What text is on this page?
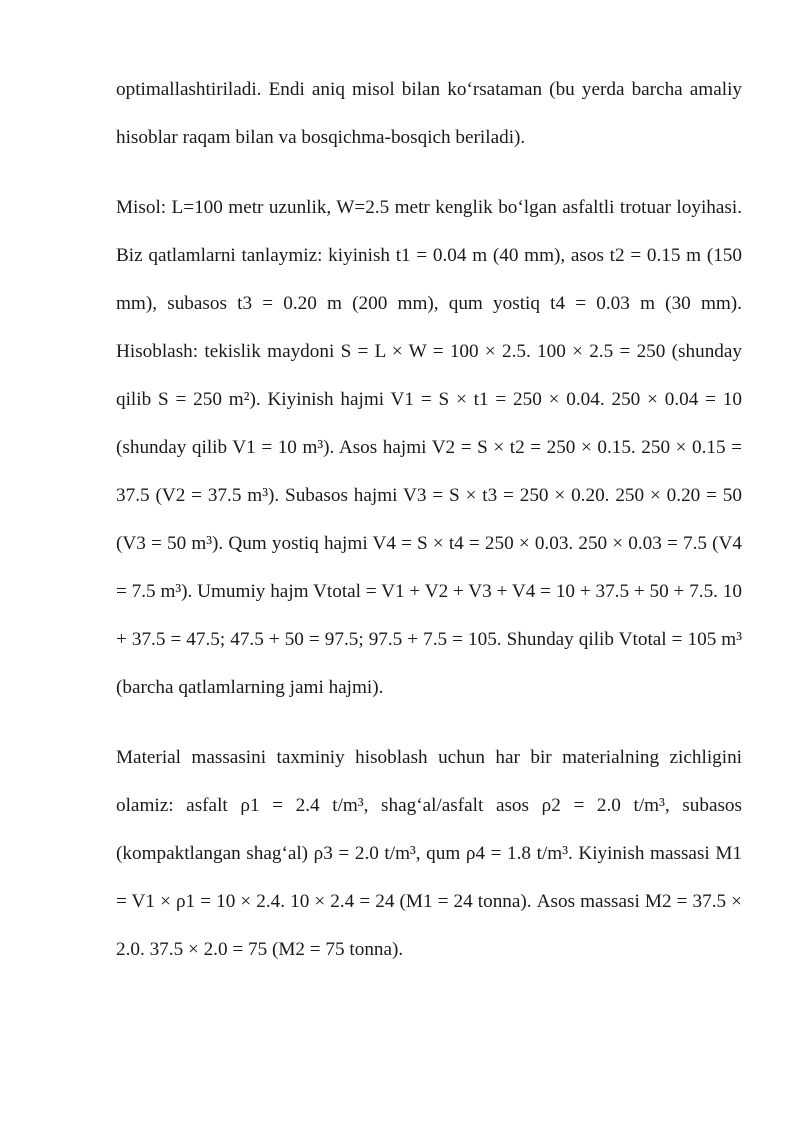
optimallashtiriladi. Endi aniq misol bilan ko‘rsataman (bu yerda barcha amaliy hisoblar raqam bilan va bosqichma-bosqich beriladi).

Misol: L=100 metr uzunlik, W=2.5 metr kenglik bo‘lgan asfaltli trotuar loyihasi. Biz qatlamlarni tanlaymiz: kiyinish t1 = 0.04 m (40 mm), asos t2 = 0.15 m (150 mm), subasos t3 = 0.20 m (200 mm), qum yostiq t4 = 0.03 m (30 mm). Hisoblash: tekislik maydoni S = L × W = 100 × 2.5. 100 × 2.5 = 250 (shunday qilib S = 250 m²). Kiyinish hajmi V1 = S × t1 = 250 × 0.04. 250 × 0.04 = 10 (shunday qilib V1 = 10 m³). Asos hajmi V2 = S × t2 = 250 × 0.15. 250 × 0.15 = 37.5 (V2 = 37.5 m³). Subasos hajmi V3 = S × t3 = 250 × 0.20. 250 × 0.20 = 50 (V3 = 50 m³). Qum yostiq hajmi V4 = S × t4 = 250 × 0.03. 250 × 0.03 = 7.5 (V4 = 7.5 m³). Umumiy hajm Vtotal = V1 + V2 + V3 + V4 = 10 + 37.5 + 50 + 7.5. 10 + 37.5 = 47.5; 47.5 + 50 = 97.5; 97.5 + 7.5 = 105. Shunday qilib Vtotal = 105 m³ (barcha qatlamlarning jami hajmi).

Material massasini taxminiy hisoblash uchun har bir materialning zichligini olamiz: asfalt ρ1 = 2.4 t/m³, shag‘al/asfalt asos ρ2 = 2.0 t/m³, subasos (kompaktlangan shag‘al) ρ3 = 2.0 t/m³, qum ρ4 = 1.8 t/m³. Kiyinish massasi M1 = V1 × ρ1 = 10 × 2.4. 10 × 2.4 = 24 (M1 = 24 tonna). Asos massasi M2 = 37.5 × 2.0. 37.5 × 2.0 = 75 (M2 = 75 tonna).
